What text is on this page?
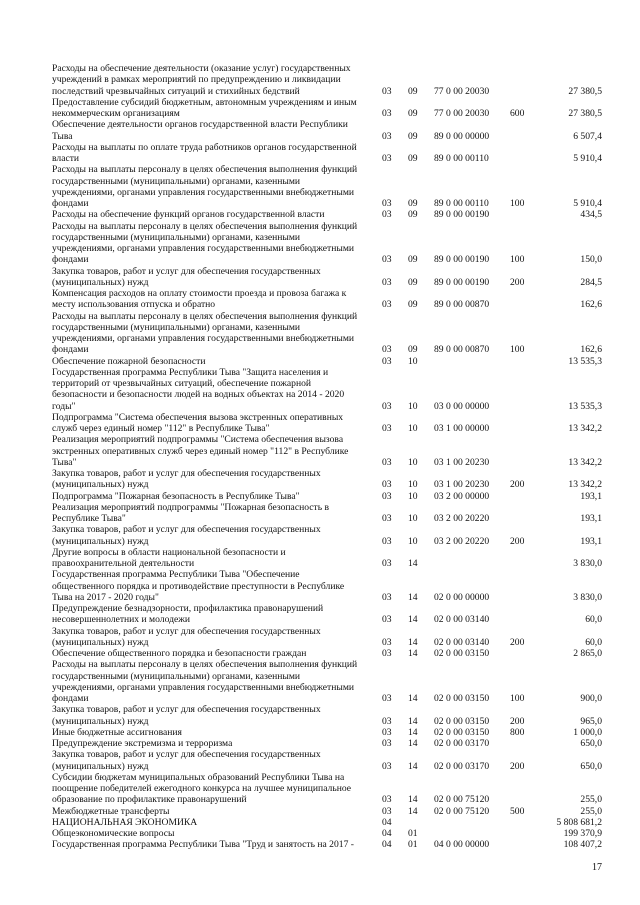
Расходы на обеспечение деятельности (оказание услуг) государственных
учреждений в рамках мероприятий по предупреждению и ликвидации
последствий чрезвычайных ситуаций и стихийных бедствий	03	09	77 0 00 20030	27 380,5
Предоставление субсидий бюджетным, автономным учреждениям и иным
некоммерческим организациям	03	09	77 0 00 20030	600	27 380,5
Обеспечение деятельности органов государственной власти Республики
Тыва	03	09	89 0 00 00000	6 507,4
Расходы на выплаты по оплате труда работников органов государственной
власти	03	09	89 0 00 00110	5 910,4
Расходы на выплаты персоналу в целях обеспечения выполнения функций
государственными (муниципальными) органами, казенными
учреждениями, органами управления государственными внебюджетными
фондами	03	09	89 0 00 00110	100	5 910,4
Расходы на обеспечение функций органов государственной власти	03	09	89 0 00 00190	434,5
Расходы на выплаты персоналу в целях обеспечения выполнения функций
государственными (муниципальными) органами, казенными
учреждениями, органами управления государственными внебюджетными
фондами	03	09	89 0 00 00190	100	150,0
Закупка товаров, работ и услуг для обеспечения государственных
(муниципальных) нужд	03	09	89 0 00 00190	200	284,5
Компенсация расходов на оплату стоимости проезда и провоза багажа к
месту использования отпуска и обратно	03	09	89 0 00 00870	162,6
Расходы на выплаты персоналу в целях обеспечения выполнения функций
государственными (муниципальными) органами, казенными
учреждениями, органами управления государственными внебюджетными
фондами	03	09	89 0 00 00870	100	162,6
Обеспечение пожарной безопасности	03	10	13 535,3
Государственная программа Республики Тыва "Защита населения и
территорий от чрезвычайных ситуаций, обеспечение пожарной
безопасности и безопасности людей на водных объектах на 2014 - 2020
годы"	03	10	03 0 00 00000	13 535,3
Подпрограмма "Система обеспечения вызова экстренных оперативных
служб через единый номер "112" в Республике Тыва"	03	10	03 1 00 00000	13 342,2
Реализация мероприятий подпрограммы "Система обеспечения вызова
экстренных оперативных служб через единый номер "112" в Республике
Тыва"	03	10	03 1 00 20230	13 342,2
Закупка товаров, работ и услуг для обеспечения государственных
(муниципальных) нужд	03	10	03 1 00 20230	200	13 342,2
Подпрограмма "Пожарная безопасность в Республике Тыва"	03	10	03 2 00 00000	193,1
Реализация мероприятий подпрограммы "Пожарная безопасность в
Республике Тыва"	03	10	03 2 00 20220	193,1
Закупка товаров, работ и услуг для обеспечения государственных
(муниципальных) нужд	03	10	03 2 00 20220	200	193,1
Другие вопросы в области национальной безопасности и
правоохранительной деятельности	03	14	3 830,0
Государственная программа Республики Тыва "Обеспечение
общественного порядка и противодействие преступности в Республике
Тыва на 2017 - 2020 годы"	03	14	02 0 00 00000	3 830,0
Предупреждение безнадзорности, профилактика правонарушений
несовершеннолетних и молодежи	03	14	02 0 00 03140	60,0
Закупка товаров, работ и услуг для обеспечения государственных
(муниципальных) нужд	03	14	02 0 00 03140	200	60,0
Обеспечение общественного порядка и безопасности граждан	03	14	02 0 00 03150	2 865,0
Расходы на выплаты персоналу в целях обеспечения выполнения функций
государственными (муниципальными) органами, казенными
учреждениями, органами управления государственными внебюджетными
фондами	03	14	02 0 00 03150	100	900,0
Закупка товаров, работ и услуг для обеспечения государственных
(муниципальных) нужд	03	14	02 0 00 03150	200	965,0
Иные бюджетные ассигнования	03	14	02 0 00 03150	800	1 000,0
Предупреждение экстремизма и терроризма	03	14	02 0 00 03170	650,0
Закупка товаров, работ и услуг для обеспечения государственных
(муниципальных) нужд	03	14	02 0 00 03170	200	650,0
Субсидии бюджетам муниципальных образований Республики Тыва на
поощрение победителей ежегодного конкурса на лучшее муниципальное
образование по профилактике правонарушений	03	14	02 0 00 75120	255,0
Межбюджетные трансферты	03	14	02 0 00 75120	500	255,0
НАЦИОНАЛЬНАЯ ЭКОНОМИКА	04	5 808 681,2
Общеэкономические вопросы	04	01	199 370,9
Государственная программа Республики Тыва "Труд и занятость на 2017 -	04	01	04 0 00 00000	108 407,2
17
